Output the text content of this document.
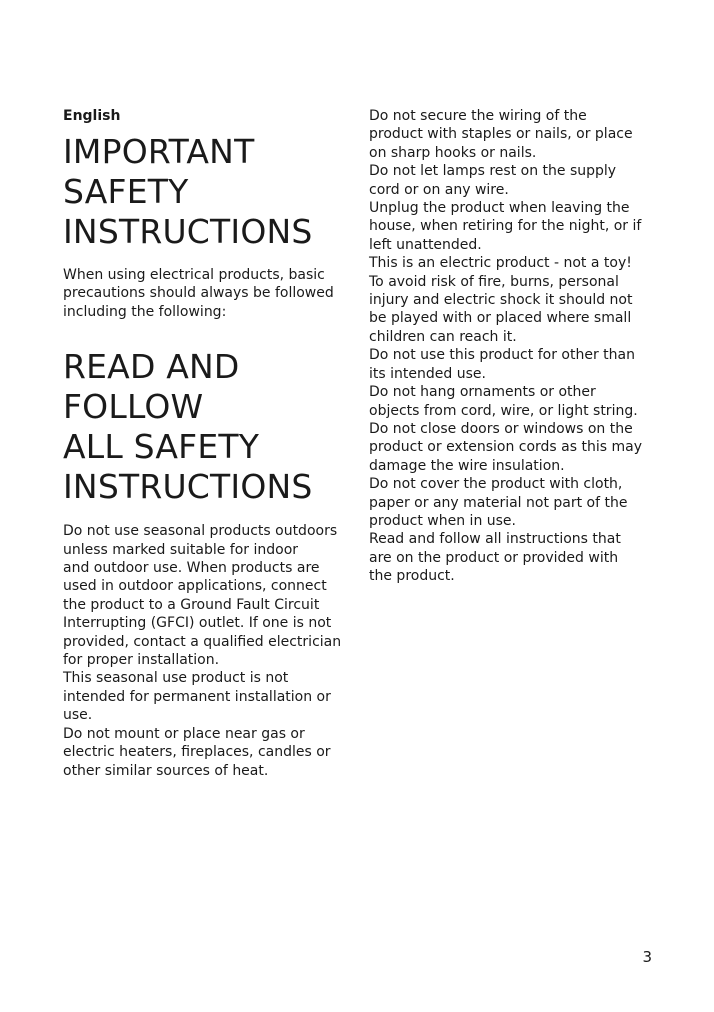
English
IMPORTANT
SAFETY
INSTRUCTIONS

When using electrical products, basic
precautions should always be followed
including the following:

READ AND
FOLLOW
ALL SAFETY
INSTRUCTIONS

Do not use seasonal products outdoors
unless marked suitable for indoor
and outdoor use. When products are
used in outdoor applications, connect
the product to a Ground Fault Circuit
Interrupting (GFCI) outlet. If one is not
provided, contact a qualified electrician
for proper installation.
This seasonal use product is not
intended for permanent installation or
use.
Do not mount or place near gas or
electric heaters, fireplaces, candles or
other similar sources of heat.

Do not secure the wiring of the
product with staples or nails, or place
on sharp hooks or nails.
Do not let lamps rest on the supply
cord or on any wire.
Unplug the product when leaving the
house, when retiring for the night, or if
left unattended.
This is an electric product - not a toy!
To avoid risk of fire, burns, personal
injury and electric shock it should not
be played with or placed where small
children can reach it.
Do not use this product for other than
its intended use.
Do not hang ornaments or other
objects from cord, wire, or light string.
Do not close doors or windows on the
product or extension cords as this may
damage the wire insulation.
Do not cover the product with cloth,
paper or any material not part of the
product when in use.
Read and follow all instructions that
are on the product or provided with
the product.

3
